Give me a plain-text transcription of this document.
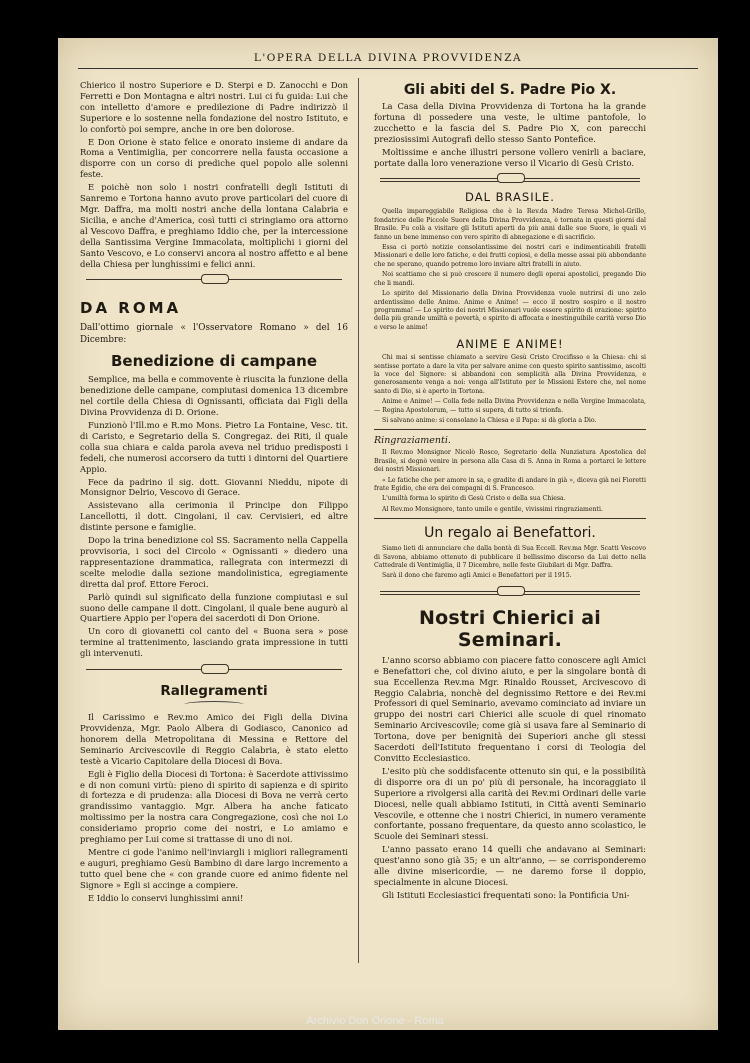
L'OPERA DELLA DIVINA PROVVIDENZA

Chierico il nostro Superiore e D. Sterpi e D. Zanocchi e Don Ferretti e Don Montagna e altri nostri. Lui ci fu guida: Lui che con intelletto d'amore e predilezione di Padre indirizzò il Superiore e lo sostenne nella fondazione del nostro Istituto, e lo confortò poi sempre, anche in ore ben dolorose.

E Don Orione è stato felice e onorato insieme di andare da Roma a Ventimiglia, per concorrere nella fausta occasione a disporre con un corso di prediche quel popolo alle solenni feste.

E poichè non solo i nostri confratelli degli Istituti di Sanremo e Tortona hanno avuto prove particolari del cuore di Mgr. Daffra, ma molti nostri anche della lontana Calabria e Sicilia, e anche d'America, così tutti ci stringiamo ora attorno al Vescovo Daffra, e preghiamo Iddio che, per la intercessione della Santissima Vergine Immacolata, moltiplichi i giorni del Santo Vescovo, e Lo conservi ancora al nostro affetto e al bene della Chiesa per lunghissimi e felici anni.

DA ROMA

Dall'ottimo giornale « l'Osservatore Romano » del 16 Dicembre:

Benedizione di campane

Semplice, ma bella e commovente è riuscita la funzione della benedizione delle campane, compiutasi domenica 13 dicembre nel cortile della Chiesa di Ognissanti, officiata dai Figli della Divina Provvidenza di D. Orione.

Funzionò l'Ill.mo e R.mo Mons. Pietro La Fontaine, Vesc. tit. di Caristo, e Segretario della S. Congregaz. dei Riti, il quale colla sua chiara e calda parola aveva nel triduo predisposti i fedeli, che numerosi accorsero da tutti i dintorni del Quartiere Appio.

Fece da padrino il sig. dott. Giovanni Nieddu, nipote di Monsignor Delrio, Vescovo di Gerace.

Assistevano alla cerimonia il Principe don Filippo Lancellotti, il dott. Cingolani, il cav. Cervisieri, ed altre distinte persone e famiglie.

Dopo la trina benedizione col SS. Sacramento nella Cappella provvisoria, i soci del Circolo « Ognissanti » diedero una rappresentazione drammatica, rallegrata con intermezzi di scelte melodie dalla sezione mandolinistica, egregiamente diretta dal prof. Ettore Feroci.

Parlò quindi sul significato della funzione compiutasi e sul suono delle campane il dott. Cingolani, il quale bene augurò al Quartiere Appio per l'opera dei sacerdoti di Don Orione.

Un coro di giovanetti col canto del « Buona sera » pose termine al trattenimento, lasciando grata impressione in tutti gli intervenuti.

Rallegramenti

Il Carissimo e Rev.mo Amico dei Figli della Divina Provvidenza, Mgr. Paolo Albera di Godiasco, Canonico ad honorem della Metropolitana di Messina e Rettore del Seminario Arcivescovile di Reggio Calabria, è stato eletto testè a Vicario Capitolare della Diocesi di Bova.

Egli è Figlio della Diocesi di Tortona: è Sacerdote attivissimo e di non comuni virtù: pieno di spirito di sapienza e di spirito di fortezza e di prudenza: alla Diocesi di Bova ne verrà certo grandissimo vantaggio. Mgr. Albera ha anche faticato moltissimo per la nostra cara Congregazione, così che noi Lo consideriamo proprio come dei nostri, e Lo amiamo e preghiamo per Lui come si trattasse di uno di noi.

Mentre ci gode l'animo nell'inviargli i migliori rallegramenti e auguri, preghiamo Gesù Bambino di dare largo incremento a tutto quel bene che « con grande cuore ed animo fidente nel Signore » Egli si accinge a compiere.

E Iddio lo conservi lunghissimi anni!

Gli abiti del S. Padre Pio X.

La Casa della Divina Provvidenza di Tortona ha la grande fortuna di possedere una veste, le ultime pantofole, lo zucchetto e la fascia del S. Padre Pio X, con parecchi preziosissimi Autografi dello stesso Santo Pontefice.

Moltissime e anche illustri persone vollero venirli a baciare, portate dalla loro venerazione verso il Vicario di Gesù Cristo.

DAL BRASILE.

Quella impareggiabile Religiosa che è la Rev.da Madre Teresa Michel-Grillo, fondatrice delle Piccole Suore della Divina Provvidenza, è tornata in questi giorni dal Brasile. Fu colà a visitare gli Istituti aperti da più anni dalle sue Suore, le quali vi fanno un bene immenso con vero spirito di abnegazione e di sacrificio.

Essa ci portò notizie consolantissime dei nostri cari e indimenticabili fratelli Missionari e delle loro fatiche, e dei frutti copiosi, e della messe assai più abbondante che ne sperano, quando potremo loro inviare altri fratelli in aiuto.

Noi scattiamo che si può crescere il numero degli operai apostolici, pregando Dio che li mandi.

Lo spirito del Missionario della Divina Provvidenza vuole nutrirsi di uno zelo ardentissimo delle Anime. Anime e Anime! — ecco il nostro sospiro e il nostro programma! — Lo spirito dei nostri Missionari vuole essere spirito di orazione: spirito della più grande umiltà e povertà, e spirito di affocata e inestinguibile carità verso Dio e verso le anime!

ANIME E ANIME!

Chi mai si sentisse chiamato a servire Gesù Cristo Crocifisso e la Chiesa: chi si sentisse portato a dare la vita per salvare anime con questo spirito santissimo, ascolti la voce del Signore: si abbandoni con semplicità alla Divina Provvidenza, e generosamente venga a noi: venga all'Istituto per le Missioni Estere che, nel nome santo di Dio, si è aperto in Tortona.

Anime e Anime! — Colla fede nella Divina Provvidenza e nella Vergine Immacolata, — Regina Apostolorum, — tutto si supera, di tutto si trionfa.

Si salvano anime: si consolano la Chiesa e il Papa: si dà gloria a Dio.

Ringraziamenti.

Il Rev.mo Monsignor Nicolò Rosco, Segretario della Nunziatura Apostolica del Brasile, si degnò venire in persona alla Casa di S. Anna in Roma a portarci le lettere dei nostri Missionari.

« Le fatiche che per amore in sa, e gradite di andare in già », diceva già nei Fioretti frate Egidio, che era dei compagni di S. Francesco.

L'umiltà forma lo spirito di Gesù Cristo e della sua Chiesa.

Al Rev.mo Monsignore, tanto umile e gentile, vivissimi ringraziamenti.

Un regalo ai Benefattori.

Siamo lieti di annunciare che dalla bontà di Sua Eccell. Rev.ma Mgr. Scatti Vescovo di Savona, abbiamo ottenuto di pubblicare il bellissimo discorso da Lui detto nella Cattedrale di Ventimiglia, il 7 Dicembre, nelle feste Giubilari di Mgr. Daffra.

Sarà il dono che faremo agli Amici e Benefattori per il 1915.

Nostri Chierici ai Seminari.

L'anno scorso abbiamo con piacere fatto conoscere agli Amici e Benefattori che, col divino aiuto, e per la singolare bontà di sua Eccellenza Rev.ma Mgr. Rinaldo Rousset, Arcivescovo di Reggio Calabria, nonchè del degnissimo Rettore e dei Rev.mi Professori di quel Seminario, avevamo cominciato ad inviare un gruppo dei nostri cari Chierici alle scuole di quel rinomato Seminario Arcivescovile; come già si usava fare al Seminario di Tortona, dove per benignità dei Superiori anche gli stessi Sacerdoti dell'Istituto frequentano i corsi di Teologia del Convitto Ecclesiastico.

L'esito più che soddisfacente ottenuto sin qui, e la possibilità di disporre ora di un po' più di personale, ha incoraggiato il Superiore a rivolgersi alla carità dei Rev.mi Ordinari delle varie Diocesi, nelle quali abbiamo Istituti, in Città aventi Seminario Vescovile, e ottenne che i nostri Chierici, in numero veramente confortante, possano frequentare, da questo anno scolastico, le Scuole dei Seminari stessi.

L'anno passato erano 14 quelli che andavano ai Seminari: quest'anno sono già 35; e un altr'anno, — se corrisponderemo alle divine misericordie, — ne daremo forse il doppio, specialmente in alcune Diocesi.

Gli Istituti Ecclesiastici frequentati sono: la Pontificia Uni-

Archivio Don Orione - Roma
